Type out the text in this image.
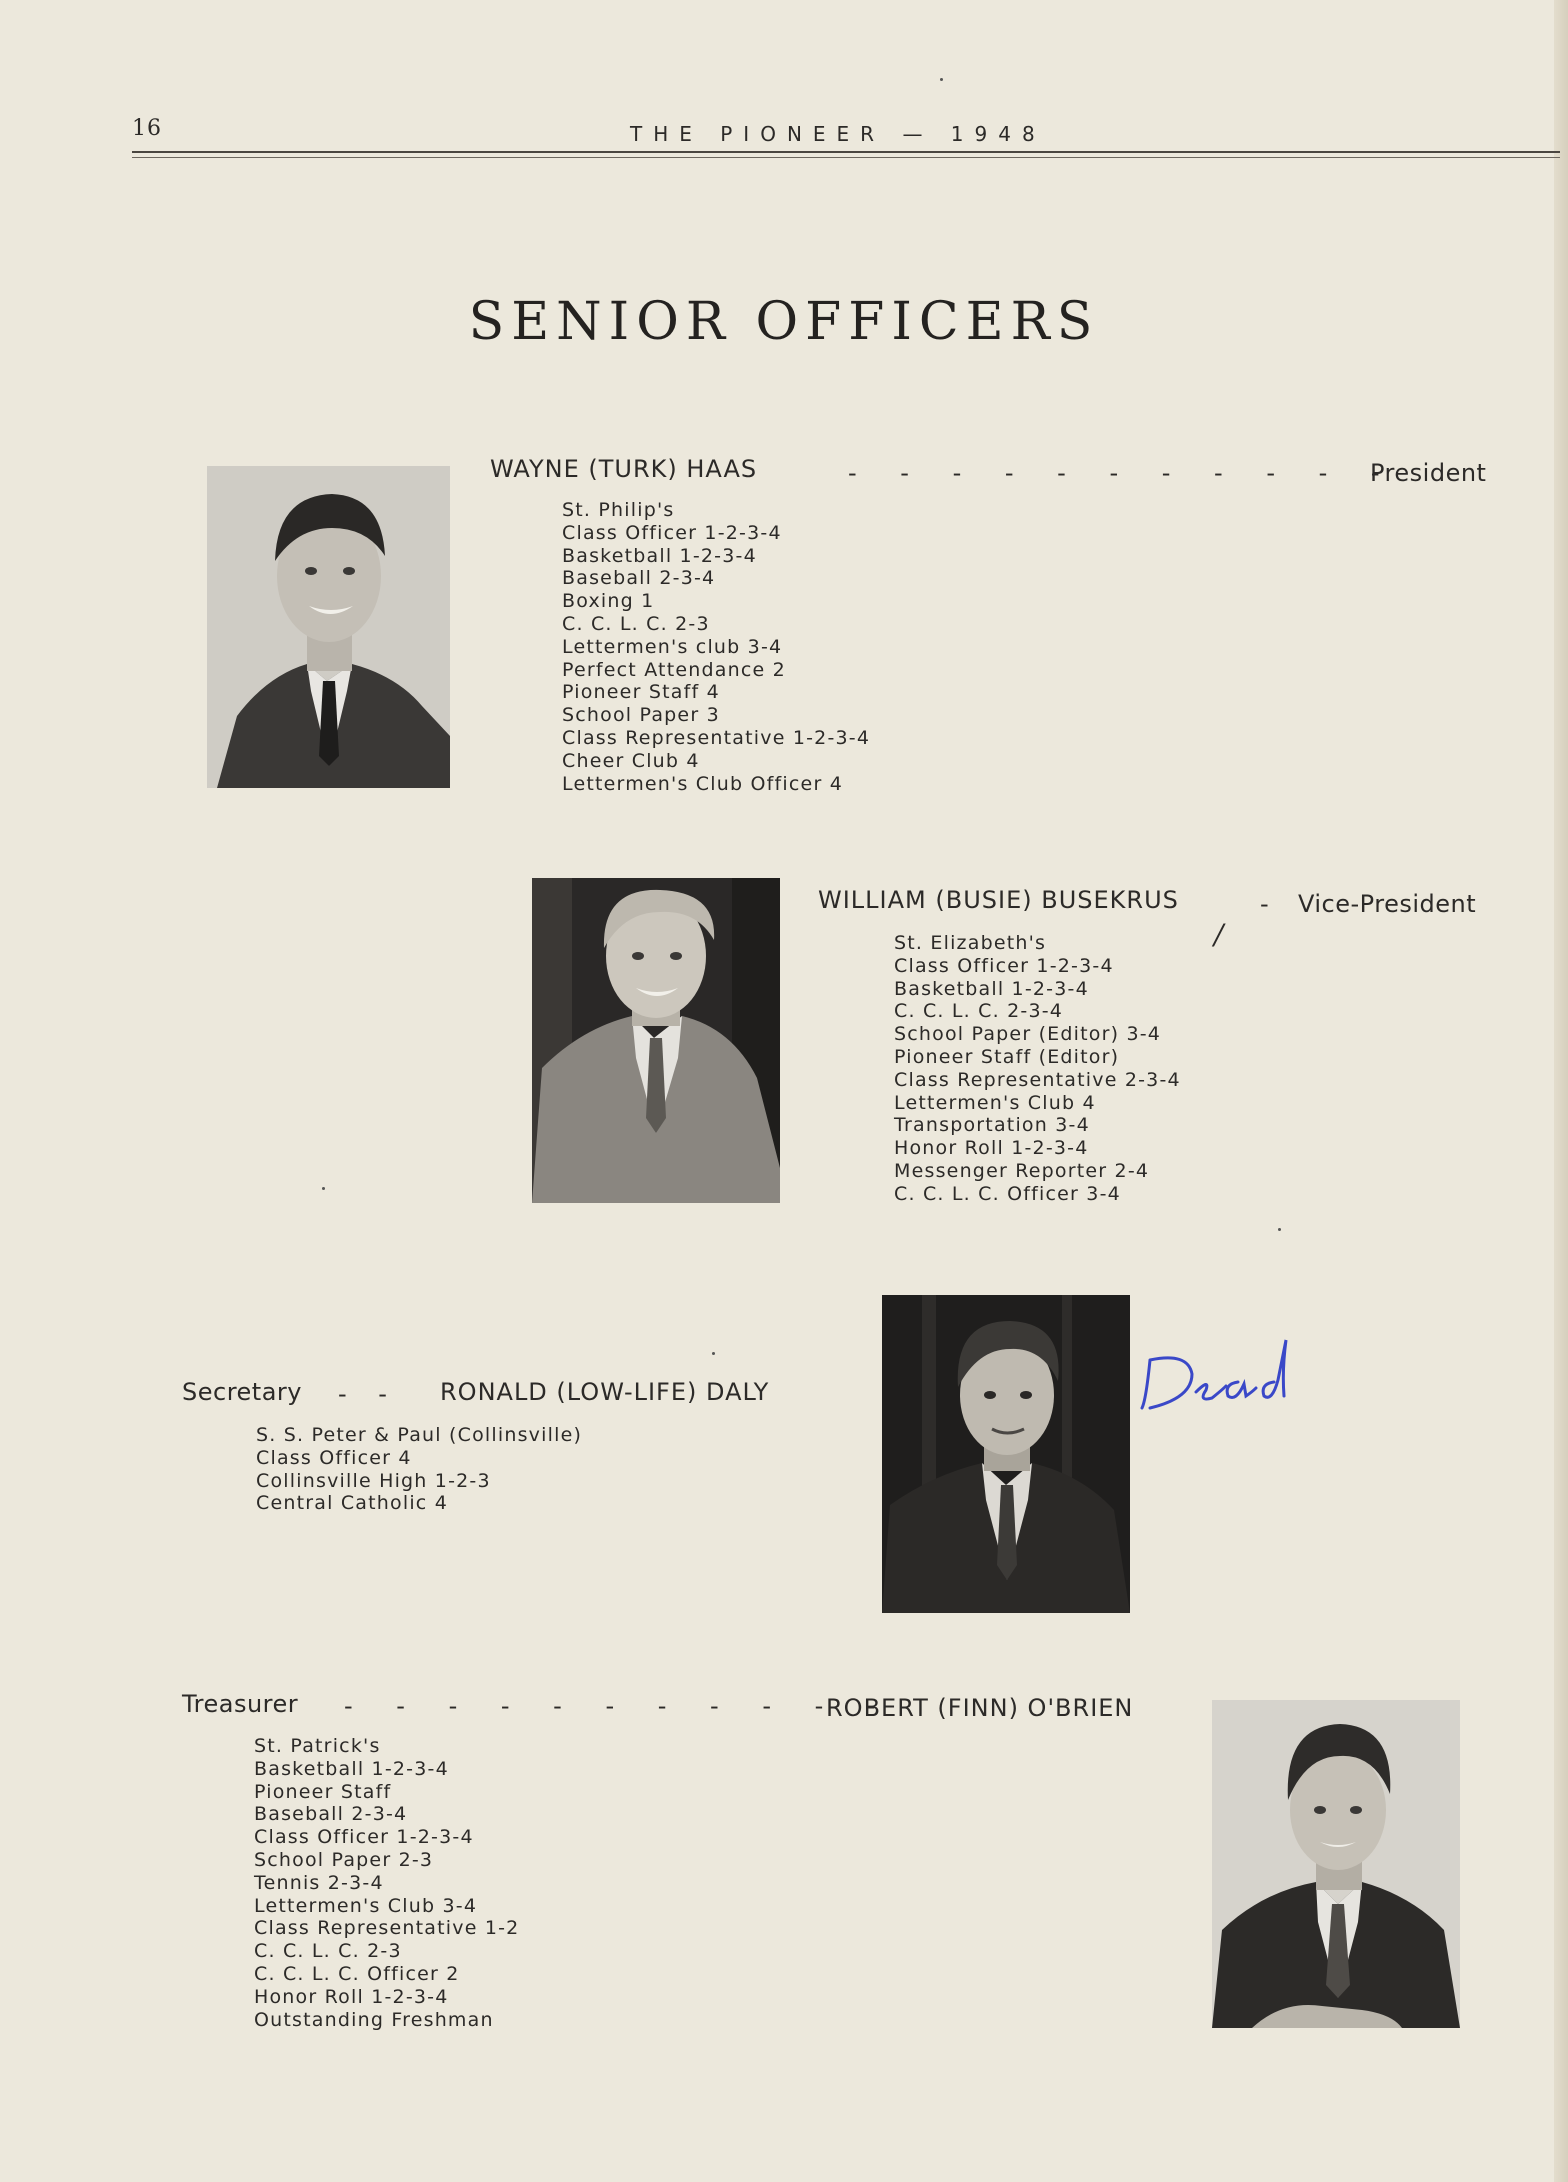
16	THE PIONEER — 1948
SENIOR OFFICERS
WAYNE (TURK) HAAS	- - - - - - - - - - -
President
St. Philip's
Class Officer 1-2-3-4
Basketball 1-2-3-4
Baseball 2-3-4
Boxing 1
C. C. L. C. 2-3
Lettermen's club 3-4
Perfect Attendance 2
Pioneer Staff 4
School Paper 3
Class Representative 1-2-3-4
Cheer Club 4
Lettermen's Club Officer 4
WILLIAM (BUSIE) BUSEKRUS	- Vice-President
/
St. Elizabeth's
Class Officer 1-2-3-4
Basketball 1-2-3-4
C. C. L. C. 2-3-4
School Paper (Editor) 3-4
Pioneer Staff (Editor)
Class Representative 2-3-4
Lettermen's Club 4
Transportation 3-4
Honor Roll 1-2-3-4
Messenger Reporter 2-4
C. C. L. C. Officer 3-4
Secretary - - RONALD (LOW-LIFE) DALY
S. S. Peter & Paul (Collinsville)
Class Officer 4
Collinsville High 1-2-3
Central Catholic 4
Treasurer - - - - - - - - - - -
ROBERT (FINN) O'BRIEN
St. Patrick's
Basketball 1-2-3-4
Pioneer Staff
Baseball 2-3-4
Class Officer 1-2-3-4
School Paper 2-3
Tennis 2-3-4
Lettermen's Club 3-4
Class Representative 1-2
C. C. L. C. 2-3
C. C. L. C. Officer 2
Honor Roll 1-2-3-4
Outstanding Freshman
